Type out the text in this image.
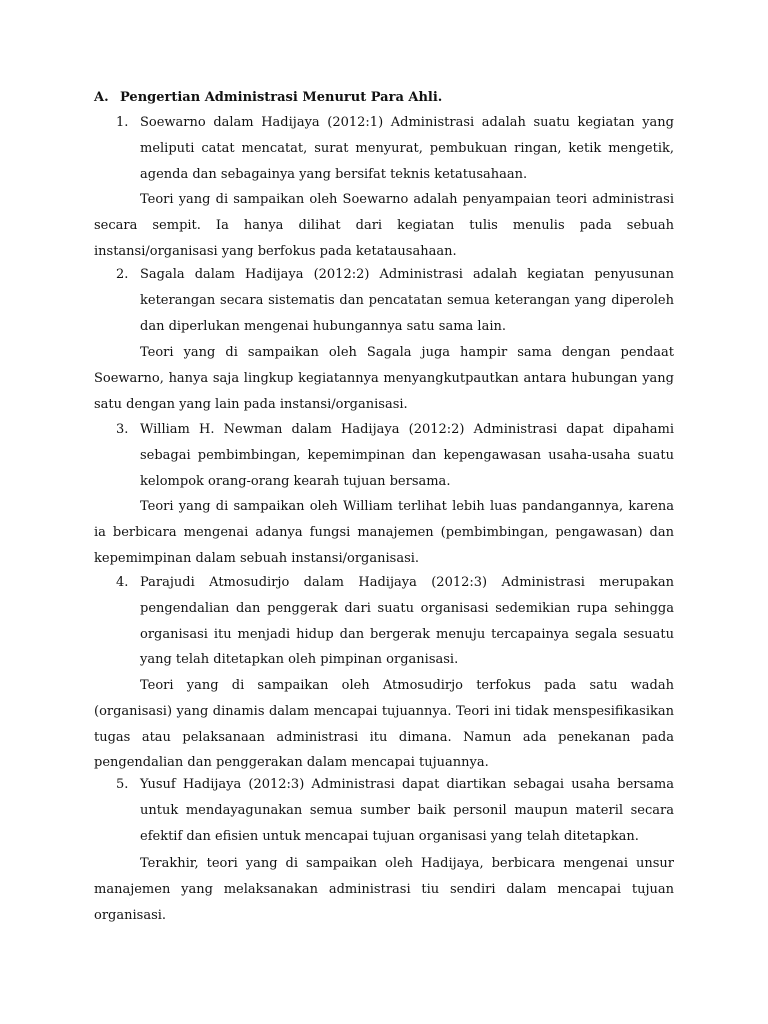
A. Pengertian Administrasi Menurut Para Ahli.
1. Soewarno dalam Hadijaya (2012:1) Administrasi adalah suatu kegiatan yang meliputi catat mencatat, surat menyurat, pembukuan ringan, ketik mengetik, agenda dan sebagainya yang bersifat teknis ketatusahaan.
Teori yang di sampaikan oleh Soewarno adalah penyampaian teori administrasi secara sempit. Ia hanya dilihat dari kegiatan tulis menulis pada sebuah instansi/organisasi yang berfokus pada ketatausahaan.
2. Sagala dalam Hadijaya (2012:2) Administrasi adalah kegiatan penyusunan keterangan secara sistematis dan pencatatan semua keterangan yang diperoleh dan diperlukan mengenai hubungannya satu sama lain.
Teori yang di sampaikan oleh Sagala juga hampir sama dengan pendaat Soewarno, hanya saja lingkup kegiatannya menyangkutpautkan antara hubungan yang satu dengan yang lain pada instansi/organisasi.
3. William H. Newman dalam Hadijaya (2012:2) Administrasi dapat dipahami sebagai pembimbingan, kepemimpinan dan kepengawasan usaha-usaha suatu kelompok orang-orang kearah tujuan bersama.
Teori yang di sampaikan oleh William terlihat lebih luas pandangannya, karena ia berbicara mengenai adanya fungsi manajemen (pembimbingan, pengawasan) dan kepemimpinan dalam sebuah instansi/organisasi.
4. Parajudi Atmosudirjo dalam Hadijaya (2012:3) Administrasi merupakan pengendalian dan penggerak dari suatu organisasi sedemikian rupa sehingga organisasi itu menjadi hidup dan bergerak menuju tercapainya segala sesuatu yang telah ditetapkan oleh pimpinan organisasi.
Teori yang di sampaikan oleh Atmosudirjo terfokus pada satu wadah (organisasi) yang dinamis dalam mencapai tujuannya. Teori ini tidak menspesifikasikan tugas atau pelaksanaan administrasi itu dimana. Namun ada penekanan pada pengendalian dan penggerakan dalam mencapai tujuannya.
5. Yusuf Hadijaya (2012:3) Administrasi dapat diartikan sebagai usaha bersama untuk mendayagunakan semua sumber baik personil maupun materil secara efektif dan efisien untuk mencapai tujuan organisasi yang telah ditetapkan.
Terakhir, teori yang di sampaikan oleh Hadijaya, berbicara mengenai unsur manajemen yang melaksanakan administrasi tiu sendiri dalam mencapai tujuan organisasi.
